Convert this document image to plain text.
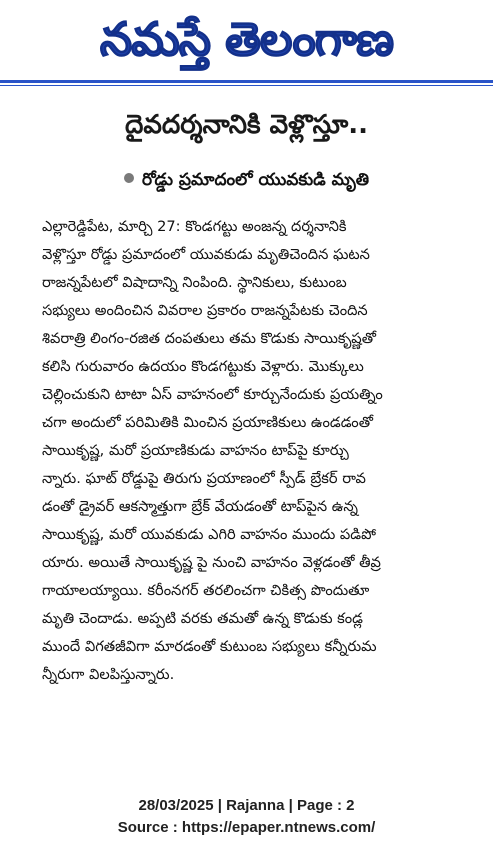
నమస్తే తెలంగాణ
దైవదర్శనానికి వెళ్లొస్తూ..
రోడ్డు ప్రమాదంలో యువకుడి మృతి
ఎల్లారెడ్డిపేట, మార్చి 27: కొండగట్టు అంజన్న దర్శనానికి
వెళ్లొస్తూ రోడ్డు ప్రమాదంలో యువకుడు మృతిచెందిన ఘటన
రాజన్నపేటలో విషాదాన్ని నింపింది. స్థానికులు, కుటుంబ
సభ్యులు అందించిన వివరాల ప్రకారం రాజన్నపేటకు చెందిన
శివరాత్రి లింగం-రజిత దంపతులు తమ కొడుకు సాయికృష్ణతో
కలిసి గురువారం ఉదయం కొండగట్టుకు వెళ్లారు. మొక్కులు
చెల్లించుకుని టాటా ఏస్ వాహనంలో కూర్చునేందుకు ప్రయత్నిం
చగా అందులో పరిమితికి మించిన ప్రయాణికులు ఉండడంతో
సాయికృష్ణ, మరో ప్రయాణికుడు వాహనం టాప్‌పై కూర్చు
న్నారు. ఘాట్ రోడ్డుపై తిరుగు ప్రయాణంలో స్పీడ్ బ్రేకర్ రావ
డంతో డ్రైవర్ ఆకస్మాత్తుగా బ్రేక్ వేయడంతో టాప్‌పైన ఉన్న
సాయికృష్ణ, మరో యువకుడు ఎగిరి వాహనం ముందు పడిపో
యారు. అయితే సాయికృష్ణ పై నుంచి వాహనం వెళ్లడంతో తీవ్ర
గాయాలయ్యాయి. కరీంనగర్ తరలించగా చికిత్స పొందుతూ
మృతి చెందాడు. అప్పటి వరకు తమతో ఉన్న కొడుకు కండ్ల
ముందే విగతజీవిగా మారడంతో కుటుంబ సభ్యులు కన్నీరుమ
న్నీరుగా విలపిస్తున్నారు.
28/03/2025 | Rajanna | Page : 2
Source : https://epaper.ntnews.com/
